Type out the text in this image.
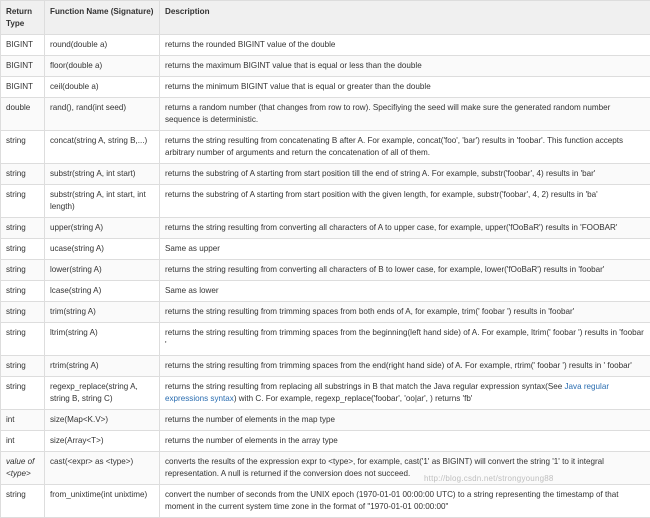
Return Type	Function Name (Signature)	Description
BIGINT	round(double a)	returns the rounded BIGINT value of the double
BIGINT	floor(double a)	returns the maximum BIGINT value that is equal or less than the double
BIGINT	ceil(double a)	returns the minimum BIGINT value that is equal or greater than the double
double	rand(), rand(int seed)	returns a random number (that changes from row to row). Specifiying the seed will make sure the generated random number sequence is deterministic.
string	concat(string A, string B,...)	returns the string resulting from concatenating B after A. For example, concat('foo', 'bar') results in 'foobar'. This function accepts arbitrary number of arguments and return the concatenation of all of them.
string	substr(string A, int start)	returns the substring of A starting from start position till the end of string A. For example, substr('foobar', 4) results in 'bar'
string	substr(string A, int start, int length)	returns the substring of A starting from start position with the given length, for example, substr('foobar', 4, 2) results in 'ba'
string	upper(string A)	returns the string resulting from converting all characters of A to upper case, for example, upper('fOoBaR') results in 'FOOBAR'
string	ucase(string A)	Same as upper
string	lower(string A)	returns the string resulting from converting all characters of B to lower case, for example, lower('fOoBaR') results in 'foobar'
string	lcase(string A)	Same as lower
string	trim(string A)	returns the string resulting from trimming spaces from both ends of A, for example, trim(' foobar ') results in 'foobar'
string	ltrim(string A)	returns the string resulting from trimming spaces from the beginning(left hand side) of A. For example, ltrim(' foobar ') results in 'foobar '
string	rtrim(string A)	returns the string resulting from trimming spaces from the end(right hand side) of A. For example, rtrim(' foobar ') results in ' foobar'
string	regexp_replace(string A, string B, string C)	returns the string resulting from replacing all substrings in B that match the Java regular expression syntax(See Java regular expressions syntax) with C. For example, regexp_replace('foobar', 'oo|ar', ) returns 'fb'
int	size(Map<K.V>)	returns the number of elements in the map type
int	size(Array<T>)	returns the number of elements in the array type
value of <type>	cast(<expr> as <type>)	converts the results of the expression expr to <type>, for example, cast('1' as BIGINT) will convert the string '1' to it integral representation. A null is returned if the conversion does not succeed.
string	from_unixtime(int unixtime)	convert the number of seconds from the UNIX epoch (1970-01-01 00:00:00 UTC) to a string representing the timestamp of that moment in the current system time zone in the format of "1970-01-01 00:00:00"
http://blog.csdn.net/strongyoung88
